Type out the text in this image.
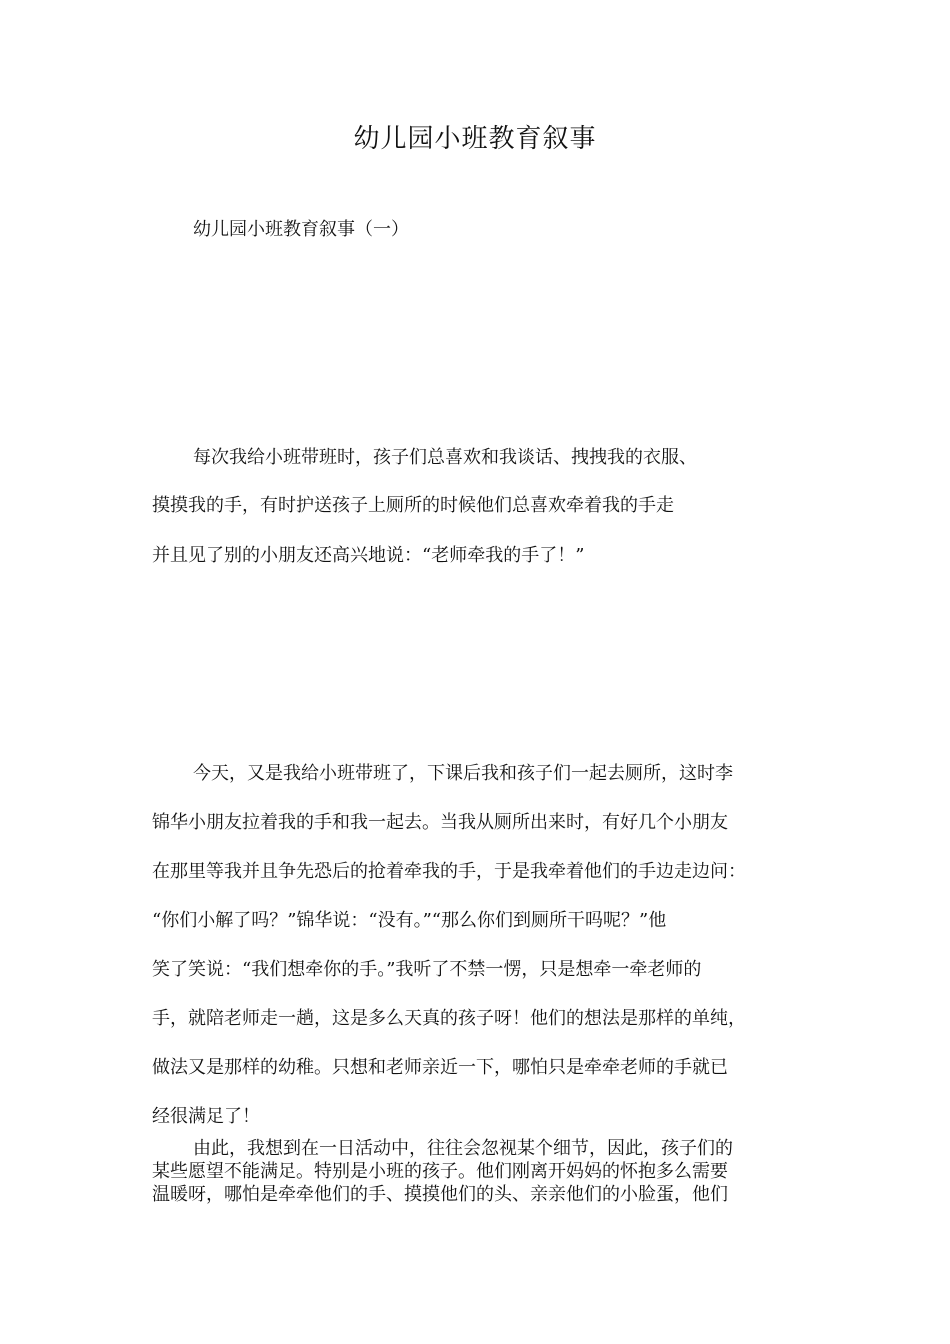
幼儿园小班教育叙事

幼儿园小班教育叙事（一）

每次我给小班带班时，孩子们总喜欢和我谈话、拽拽我的衣服、

摸摸我的手，有时护送孩子上厕所的时候他们总喜欢牵着我的手走

并且见了别的小朋友还高兴地说：“老师牵我的手了！”

今天，又是我给小班带班了，下课后我和孩子们一起去厕所，这时李

锦华小朋友拉着我的手和我一起去。当我从厕所出来时，有好几个小朋友

在那里等我并且争先恐后的抢着牵我的手，于是我牵着他们的手边走边问：

“你们小解了吗？”锦华说：“没有。”“那么你们到厕所干吗呢？”他

笑了笑说：“我们想牵你的手。”我听了不禁一愣，只是想牵一牵老师的

手，就陪老师走一趟，这是多么天真的孩子呀！他们的想法是那样的单纯，

做法又是那样的幼稚。只想和老师亲近一下，哪怕只是牵牵老师的手就已

经很满足了！

由此，我想到在一日活动中，往往会忽视某个细节，因此，孩子们的

某些愿望不能满足。特别是小班的孩子。他们刚离开妈妈的怀抱多么需要

温暖呀，哪怕是牵牵他们的手、摸摸他们的头、亲亲他们的小脸蛋，他们
